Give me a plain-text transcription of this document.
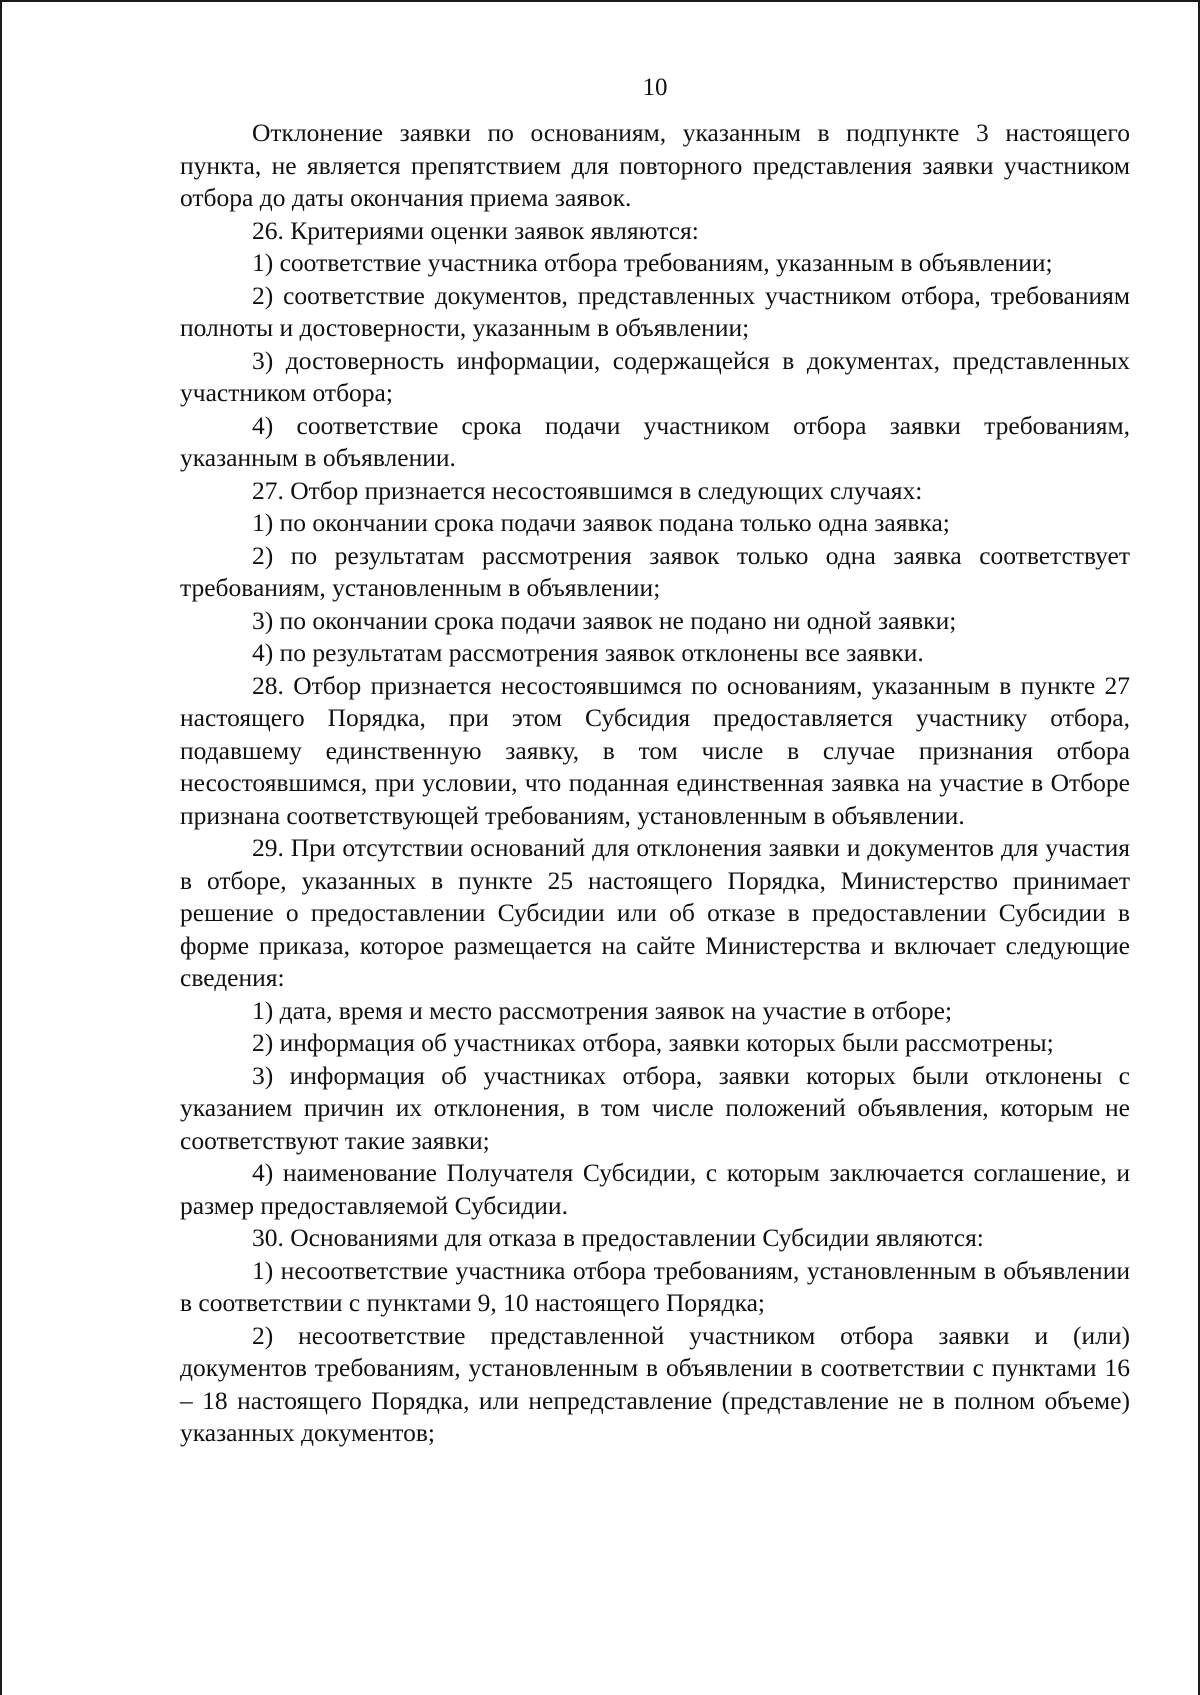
10

Отклонение заявки по основаниям, указанным в подпункте 3 настоящего пункта, не является препятствием для повторного представления заявки участником отбора до даты окончания приема заявок.

26. Критериями оценки заявок являются:

1) соответствие участника отбора требованиям, указанным в объявлении;

2) соответствие документов, представленных участником отбора, требованиям полноты и достоверности, указанным в объявлении;

3) достоверность информации, содержащейся в документах, представленных участником отбора;

4) соответствие срока подачи участником отбора заявки требованиям, указанным в объявлении.

27. Отбор признается несостоявшимся в следующих случаях:

1) по окончании срока подачи заявок подана только одна заявка;

2) по результатам рассмотрения заявок только одна заявка соответствует требованиям, установленным в объявлении;

3) по окончании срока подачи заявок не подано ни одной заявки;

4) по результатам рассмотрения заявок отклонены все заявки.

28. Отбор признается несостоявшимся по основаниям, указанным в пункте 27 настоящего Порядка, при этом Субсидия предоставляется участнику отбора, подавшему единственную заявку, в том числе в случае признания отбора несостоявшимся, при условии, что поданная единственная заявка на участие в Отборе признана соответствующей требованиям, установленным в объявлении.

29. При отсутствии оснований для отклонения заявки и документов для участия в отборе, указанных в пункте 25 настоящего Порядка, Министерство принимает решение о предоставлении Субсидии или об отказе в предоставлении Субсидии в форме приказа, которое размещается на сайте Министерства и включает следующие сведения:

1) дата, время и место рассмотрения заявок на участие в отборе;

2) информация об участниках отбора, заявки которых были рассмотрены;

3) информация об участниках отбора, заявки которых были отклонены с указанием причин их отклонения, в том числе положений объявления, которым не соответствуют такие заявки;

4) наименование Получателя Субсидии, с которым заключается соглашение, и размер предоставляемой Субсидии.

30. Основаниями для отказа в предоставлении Субсидии являются:

1) несоответствие участника отбора требованиям, установленным в объявлении в соответствии с пунктами 9, 10 настоящего Порядка;

2) несоответствие представленной участником отбора заявки и (или) документов требованиям, установленным в объявлении в соответствии с пунктами 16 – 18 настоящего Порядка, или непредставление (представление не в полном объеме) указанных документов;
